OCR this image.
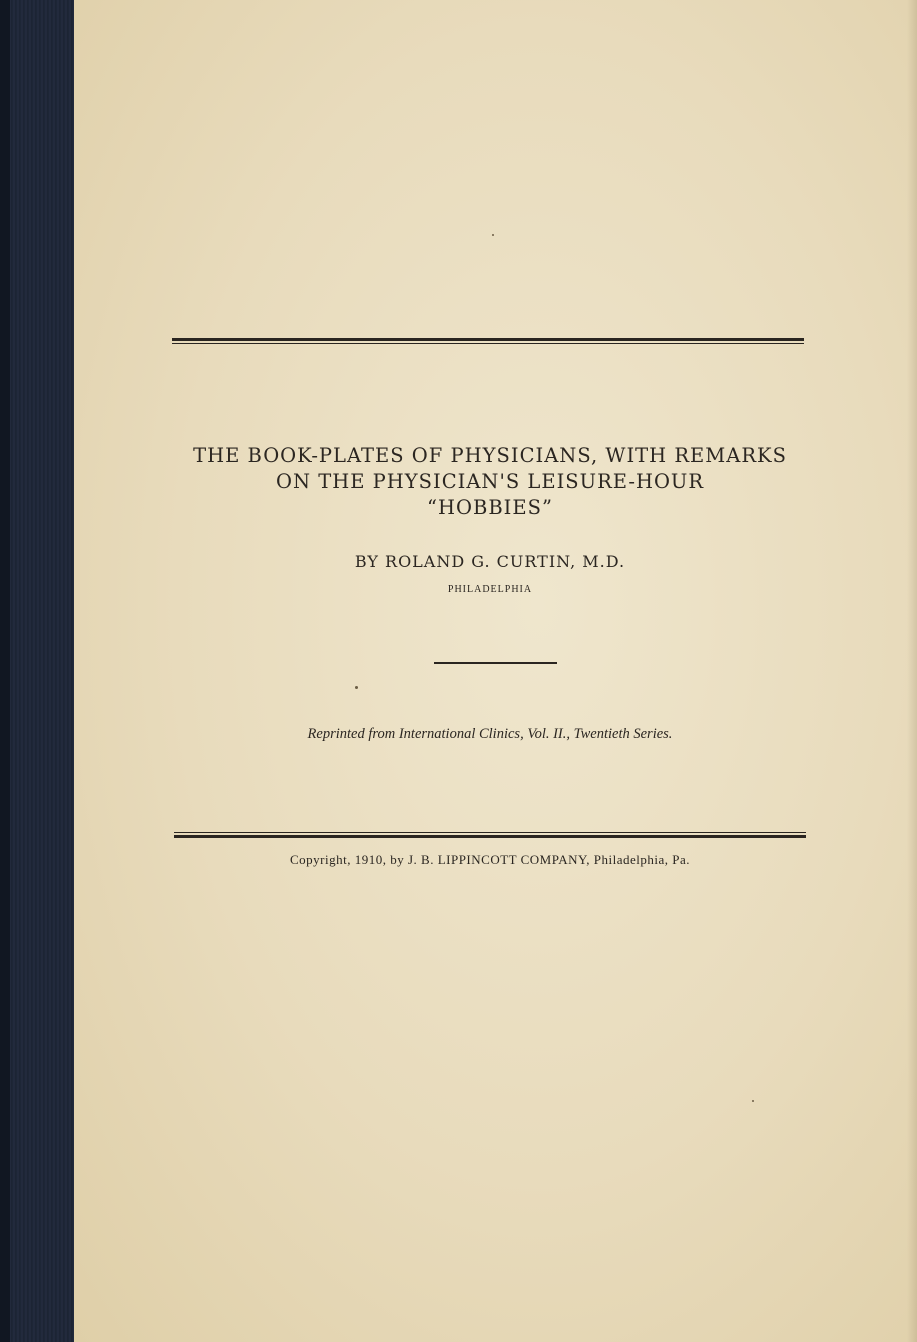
THE BOOK-PLATES OF PHYSICIANS, WITH REMARKS
ON THE PHYSICIAN'S LEISURE-HOUR
“HOBBIES”
BY ROLAND G. CURTIN, M.D.
PHILADELPHIA
Reprinted from International Clinics, Vol. II., Twentieth Series.
Copyright, 1910, by J. B. LIPPINCOTT COMPANY, Philadelphia, Pa.
